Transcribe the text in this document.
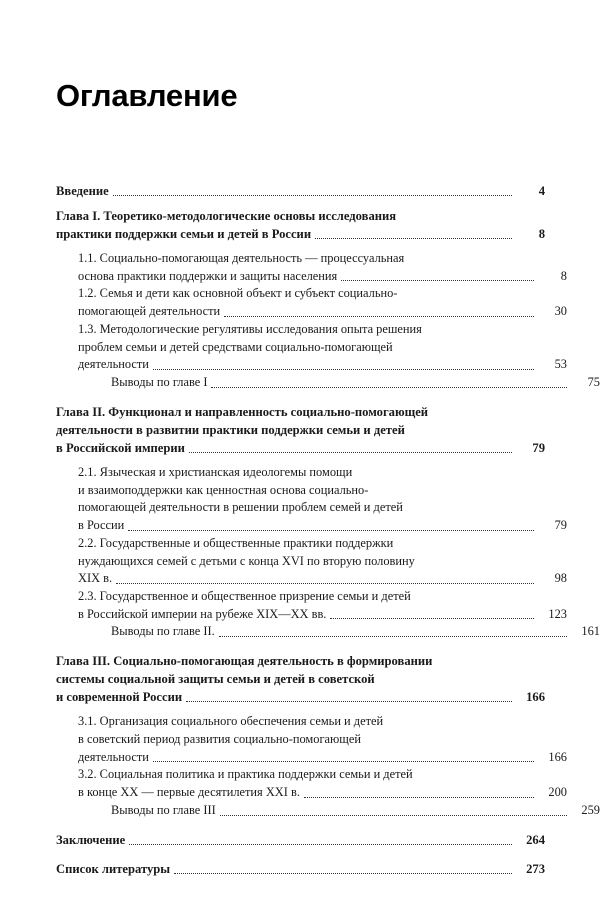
Оглавление
Введение	4
Глава I. Теоретико-методологические основы исследования
практики поддержки семьи и детей в России	8
1.1. Социально-помогающая деятельность — процессуальная
основа практики поддержки и защиты населения	8
1.2. Семья и дети как основной объект и субъект социально-
помогающей деятельности	30
1.3. Методологические регулятивы исследования опыта решения
проблем семьи и детей средствами социально-помогающей
деятельности	53
Выводы по главе I	75
Глава II. Функционал и направленность социально-помогающей
деятельности в развитии практики поддержки семьи и детей
в Российской империи	79
2.1. Языческая и христианская идеологемы помощи
и взаимоподдержки как ценностная основа социально-
помогающей деятельности в решении проблем семей и детей
в России	79
2.2. Государственные и общественные практики поддержки
нуждающихся семей с детьми с конца XVI по вторую половину
XIX в.	98
2.3. Государственное и общественное призрение семьи и детей
в Российской империи на рубеже XIX—XX вв.	123
Выводы по главе II.	161
Глава III. Социально-помогающая деятельность в формировании
системы социальной защиты семьи и детей в советской
и современной России	166
3.1. Организация социального обеспечения семьи и детей
в советский период развития социально-помогающей
деятельности	166
3.2. Социальная политика и практика поддержки семьи и детей
в конце XX — первые десятилетия XXI в.	200
Выводы по главе III	259
Заключение	264
Список литературы	273
